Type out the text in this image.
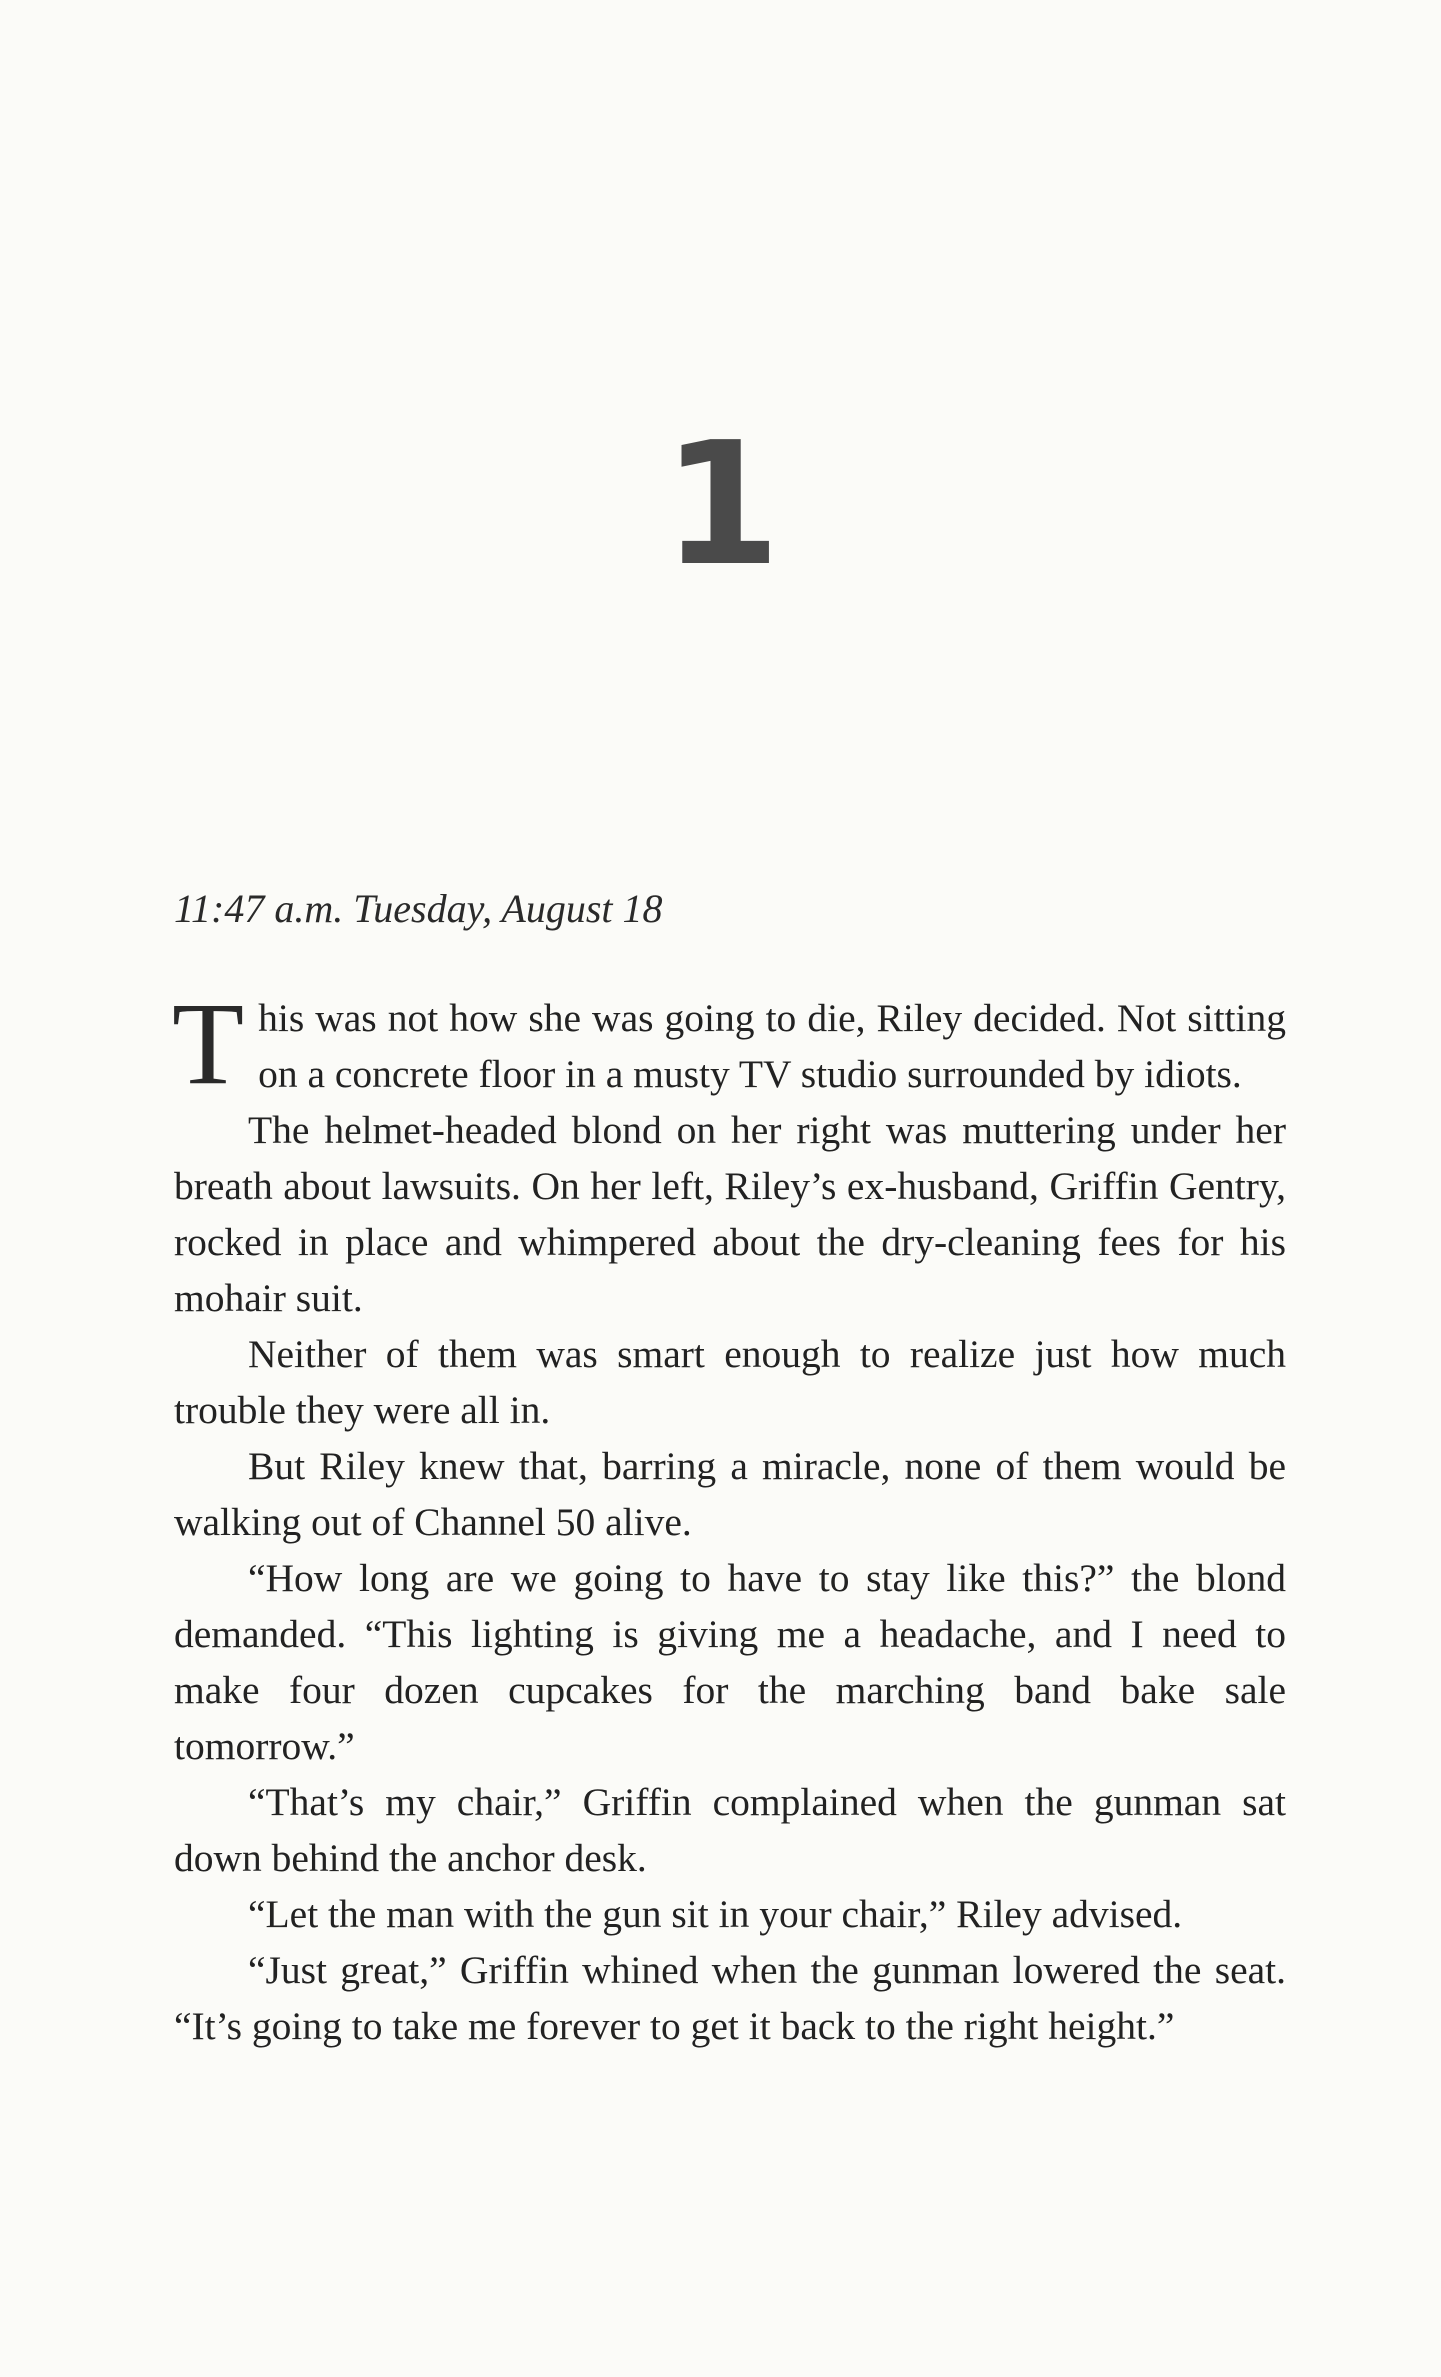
1
11:47 a.m. Tuesday, August 18

This was not how she was going to die, Riley decided. Not sitting on a concrete floor in a musty TV studio surrounded by idiots.

The helmet-headed blond on her right was muttering under her breath about lawsuits. On her left, Riley’s ex-husband, Griffin Gentry, rocked in place and whimpered about the dry-cleaning fees for his mohair suit.

Neither of them was smart enough to realize just how much trouble they were all in.

But Riley knew that, barring a miracle, none of them would be walking out of Channel 50 alive.

“How long are we going to have to stay like this?” the blond demanded. “This lighting is giving me a headache, and I need to make four dozen cupcakes for the marching band bake sale tomorrow.”

“That’s my chair,” Griffin complained when the gunman sat down behind the anchor desk.

“Let the man with the gun sit in your chair,” Riley advised.

“Just great,” Griffin whined when the gunman lowered the seat. “It’s going to take me forever to get it back to the right height.”
